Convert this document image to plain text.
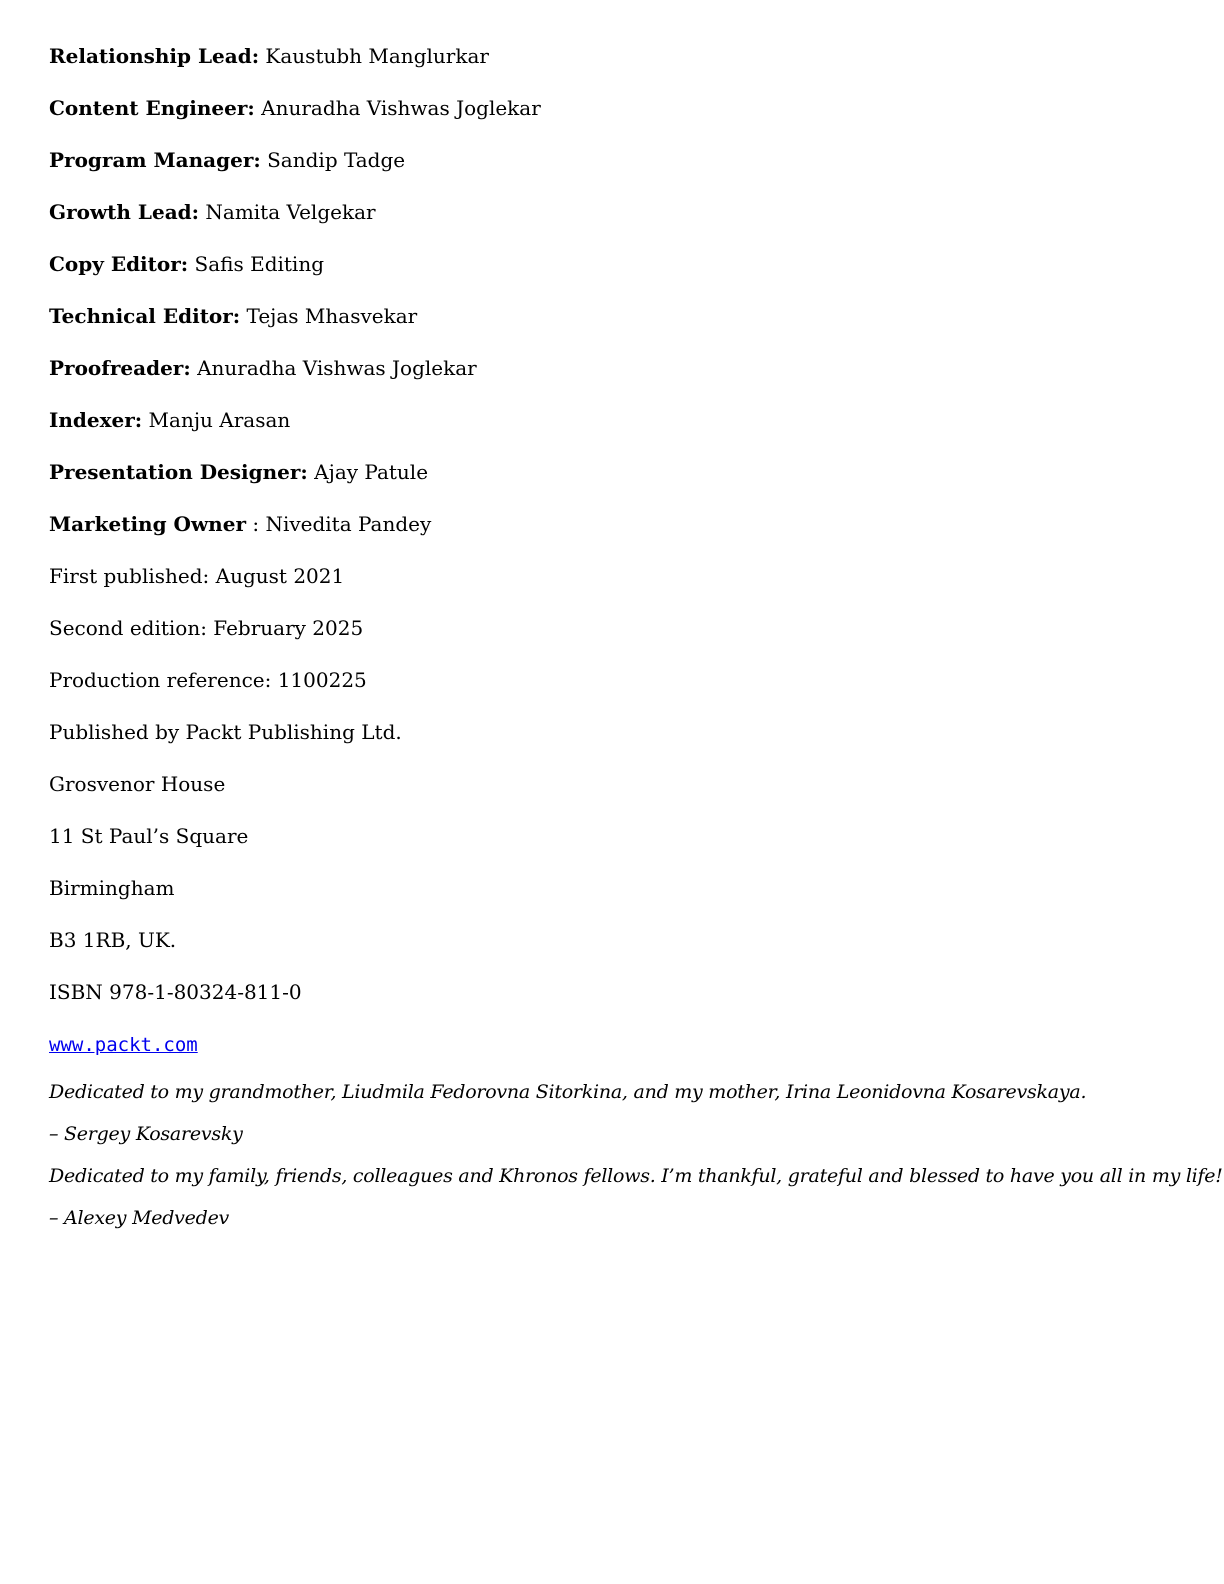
Relationship Lead: Kaustubh Manglurkar
Content Engineer: Anuradha Vishwas Joglekar
Program Manager: Sandip Tadge
Growth Lead: Namita Velgekar
Copy Editor: Safis Editing
Technical Editor: Tejas Mhasvekar
Proofreader: Anuradha Vishwas Joglekar
Indexer: Manju Arasan
Presentation Designer: Ajay Patule
Marketing Owner : Nivedita Pandey
First published: August 2021
Second edition: February 2025
Production reference: 1100225
Published by Packt Publishing Ltd.
Grosvenor House
11 St Paul’s Square
Birmingham
B3 1RB, UK.
ISBN 978-1-80324-811-0
www.packt.com
Dedicated to my grandmother, Liudmila Fedorovna Sitorkina, and my mother, Irina Leonidovna Kosarevskaya.
– Sergey Kosarevsky
Dedicated to my family, friends, colleagues and Khronos fellows. I’m thankful, grateful and blessed to have you all in my life!
– Alexey Medvedev
